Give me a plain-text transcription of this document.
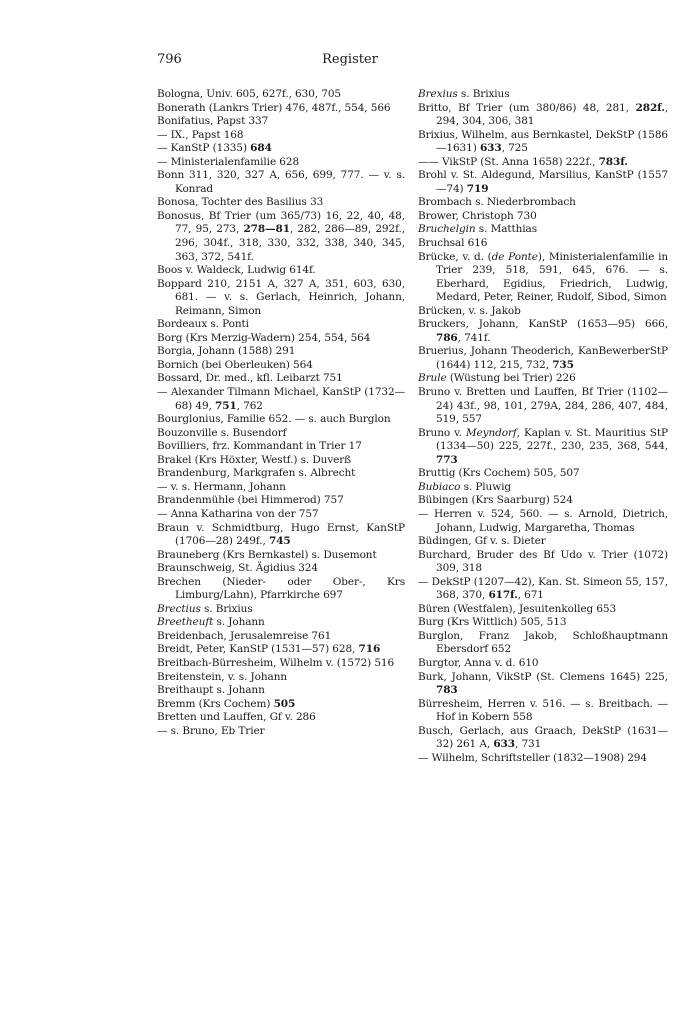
796	Register

Bologna, Univ. 605, 627f., 630, 705

Bonerath (Lankrs Trier) 476, 487f., 554, 566

Bonifatius, Papst 337

— IX., Papst 168

— KanStP (1335) 684

— Ministerialenfamilie 628

Bonn 311, 320, 327 A, 656, 699, 777. — v. s. Konrad

Bonosa, Tochter des Basilius 33

Bonosus, Bf Trier (um 365/73) 16, 22, 40, 48, 77, 95, 273, 278—81, 282, 286—89, 292f., 296, 304f., 318, 330, 332, 338, 340, 345, 363, 372, 541f.

Boos v. Waldeck, Ludwig 614f.

Boppard 210, 2151 A, 327 A, 351, 603, 630, 681. — v. s. Gerlach, Heinrich, Johann, Reimann, Simon

Bordeaux s. Ponti

Borg (Krs Merzig-Wadern) 254, 554, 564

Borgia, Johann (1588) 291

Bornich (bei Oberleuken) 564

Bossard, Dr. med., kfl. Leibarzt 751

— Alexander Tilmann Michael, KanStP (1732—68) 49, 751, 762

Bourglonius, Familie 652. — s. auch Burglon

Bouzonville s. Busendorf

Bovilliers, frz. Kommandant in Trier 17

Brakel (Krs Höxter, Westf.) s. Duverß

Brandenburg, Markgrafen s. Albrecht

— v. s. Hermann, Johann

Brandenmühle (bei Himmerod) 757

— Anna Katharina von der 757

Braun v. Schmidtburg, Hugo Ernst, KanStP (1706—28) 249f., 745

Brauneberg (Krs Bernkastel) s. Dusemont

Braunschweig, St. Ägidius 324

Brechen (Nieder- oder Ober-, Krs Limburg/Lahn), Pfarrkirche 697

Brectius s. Brixius

Breetheuft s. Johann

Breidenbach, Jerusalemreise 761

Breidt, Peter, KanStP (1531—57) 628, 716

Breitbach-Bürresheim, Wilhelm v. (1572) 516

Breitenstein, v. s. Johann

Breithaupt s. Johann

Bremm (Krs Cochem) 505

Bretten und Lauffen, Gf v. 286

— s. Bruno, Eb Trier

Brexius s. Brixius

Britto, Bf Trier (um 380/86) 48, 281, 282f., 294, 304, 306, 381

Brixius, Wilhelm, aus Bernkastel, DekStP (1586—1631) 633, 725

—— VikStP (St. Anna 1658) 222f., 783f.

Brohl v. St. Aldegund, Marsilius, KanStP (1557—74) 719

Brombach s. Niederbrombach

Brower, Christoph 730

Bruchelgin s. Matthias

Bruchsal 616

Brücke, v. d. (de Ponte), Ministerialenfamilie in Trier 239, 518, 591, 645, 676. — s. Eberhard, Egidius, Friedrich, Ludwig, Medard, Peter, Reiner, Rudolf, Sibod, Simon

Brücken, v. s. Jakob

Bruckers, Johann, KanStP (1653—95) 666, 786, 741f.

Bruerius, Johann Theoderich, KanBewerberStP (1644) 112, 215, 732, 735

Brule (Wüstung bei Trier) 226

Bruno v. Bretten und Lauffen, Bf Trier (1102—24) 43f., 98, 101, 279A, 284, 286, 407, 484, 519, 557

Bruno v. Meyndorf, Kaplan v. St. Mauritius StP (1334—50) 225, 227f., 230, 235, 368, 544, 773

Bruttig (Krs Cochem) 505, 507

Bubiaco s. Pluwig

Bübingen (Krs Saarburg) 524

— Herren v. 524, 560. — s. Arnold, Dietrich, Johann, Ludwig, Margaretha, Thomas

Büdingen, Gf v. s. Dieter

Burchard, Bruder des Bf Udo v. Trier (1072) 309, 318

— DekStP (1207—42), Kan. St. Simeon 55, 157, 368, 370, 617f., 671

Büren (Westfalen), Jesuitenkolleg 653

Burg (Krs Wittlich) 505, 513

Burglon, Franz Jakob, Schloßhauptmann Ebersdorf 652

Burgtor, Anna v. d. 610

Burk, Johann, VikStP (St. Clemens 1645) 225, 783

Bürresheim, Herren v. 516. — s. Breitbach. — Hof in Kobern 558

Busch, Gerlach, aus Graach, DekStP (1631—32) 261 A, 633, 731

— Wilhelm, Schriftsteller (1832—1908) 294
